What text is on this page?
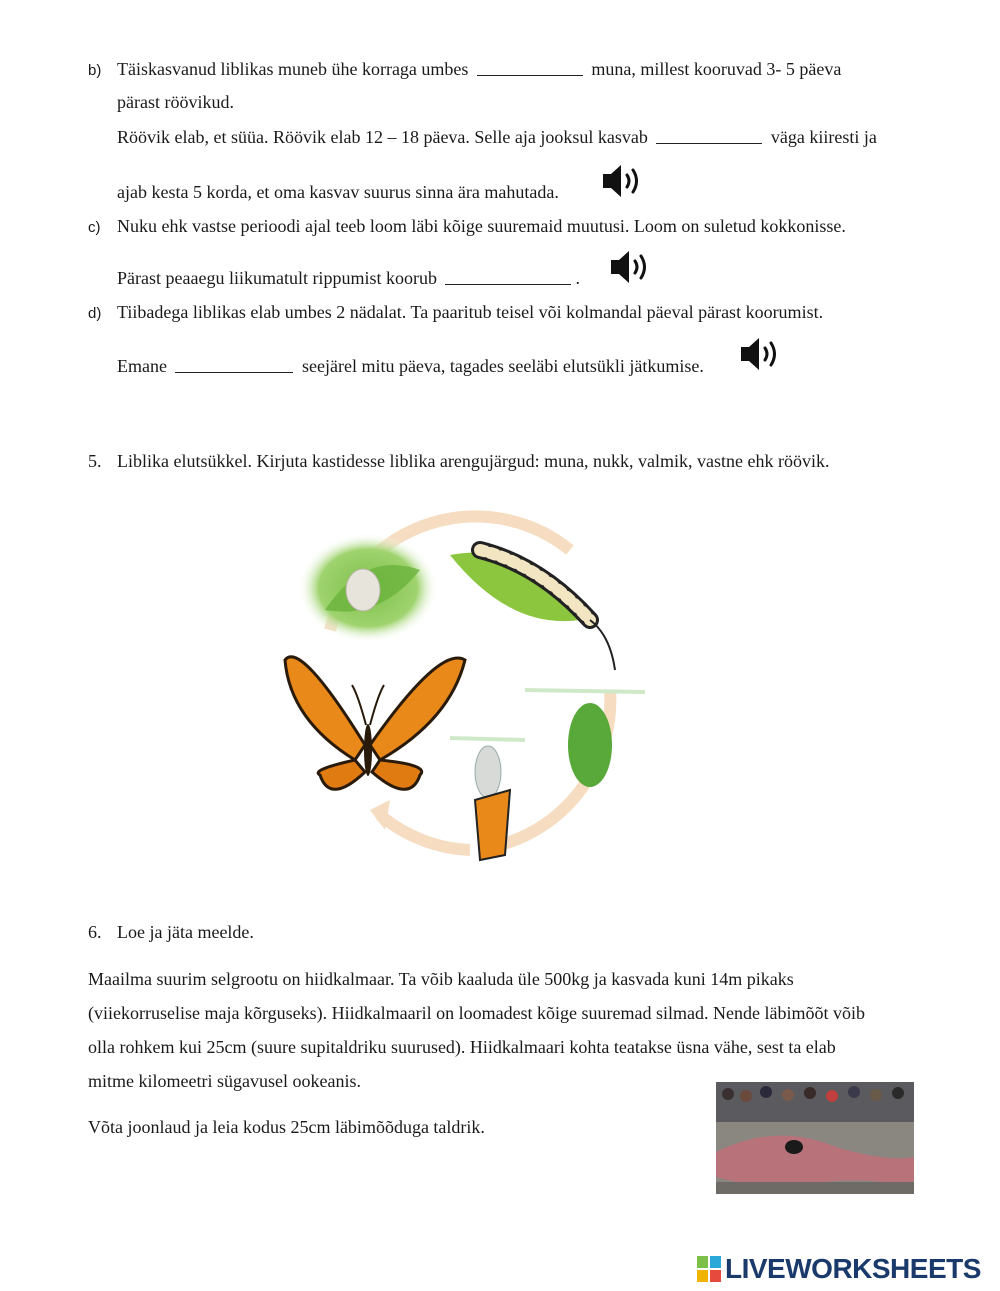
b) Täiskasvanud liblikas muneb ühe korraga umbes	muna, millest kooruvad 3- 5 päeva
pärast röövikud.
Röövik elab, et süüa. Röövik elab 12 – 18 päeva. Selle aja jooksul kasvab	väga kiiresti ja
ajab kesta 5 korda, et oma kasvav suurus sinna ära mahutada.
c) Nuku ehk vastse perioodi ajal teeb loom läbi kõige suuremaid muutusi. Loom on suletud kokkonisse.
Pärast peaaegu liikumatult rippumist koorub	.
d) Tiibadega liblikas elab umbes 2 nädalat. Ta paaritub teisel või kolmandal päeval pärast koorumist.
Emane	seejärel mitu päeva, tagades seeläbi elutsükli jätkumise.
5. Liblika elutsükkel. Kirjuta kastidesse liblika arengujärgud: muna, nukk, valmik, vastne ehk röövik.
6. Loe ja jäta meelde.
Maailma suurim selgrootu on hiidkalmaar. Ta võib kaaluda üle 500kg ja kasvada kuni 14m pikaks
(viiekorruselise maja kõrguseks). Hiidkalmaaril on loomadest kõige suuremad silmad. Nende läbimõõt võib
olla rohkem kui 25cm (suure supitaldriku suurused). Hiidkalmaari kohta teatakse üsna vähe, sest ta elab
mitme kilomeetri sügavusel ookeanis.
Võta joonlaud ja leia kodus 25cm läbimõõduga taldrik.
LIVEWORKSHEETS
